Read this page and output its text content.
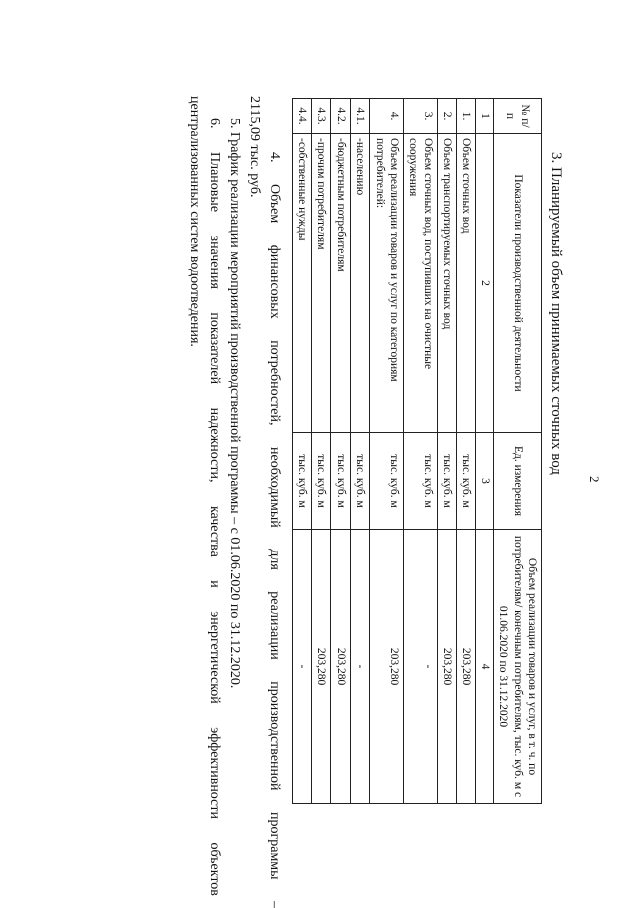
2
3. Планируемый объем принимаемых сточных вод
№ п/п	Показатели производственной деятельности	Ед. измерения	Объем реализации товаров и услуг, в т. ч. по потребителям/ конечным потребителям, тыс. куб. м с 01.06.2020 по 31.12.2020
1	2	3	4
1.	Объем сточных вод	тыс. куб. м	203,280
2.	Объем транспортируемых сточных вод	тыс. куб. м	203,280
3.	Объем сточных вод, поступивших на очистные сооружения	тыс. куб. м	-
4.	Объем реализации товаров и услуг по категориям потребителей:	тыс. куб. м	203,280
4.1.	-населению	тыс. куб. м	-
4.2.	-бюджетным потребителям	тыс. куб. м	203,280
4.3.	-прочим потребителям	тыс. куб. м	203,280
4.4.	-собственные нужды	тыс. куб. м	-
4. Объем финансовых потребностей, необходимый для реализации производственной программы –
2115,09 тыс. руб.
5. График реализации мероприятий производственной программы – с 01.06.2020 по 31.12.2020.
6. Плановые значения показателей надежности, качества и энергетической эффективности объектов
централизованных систем водоотведения.
